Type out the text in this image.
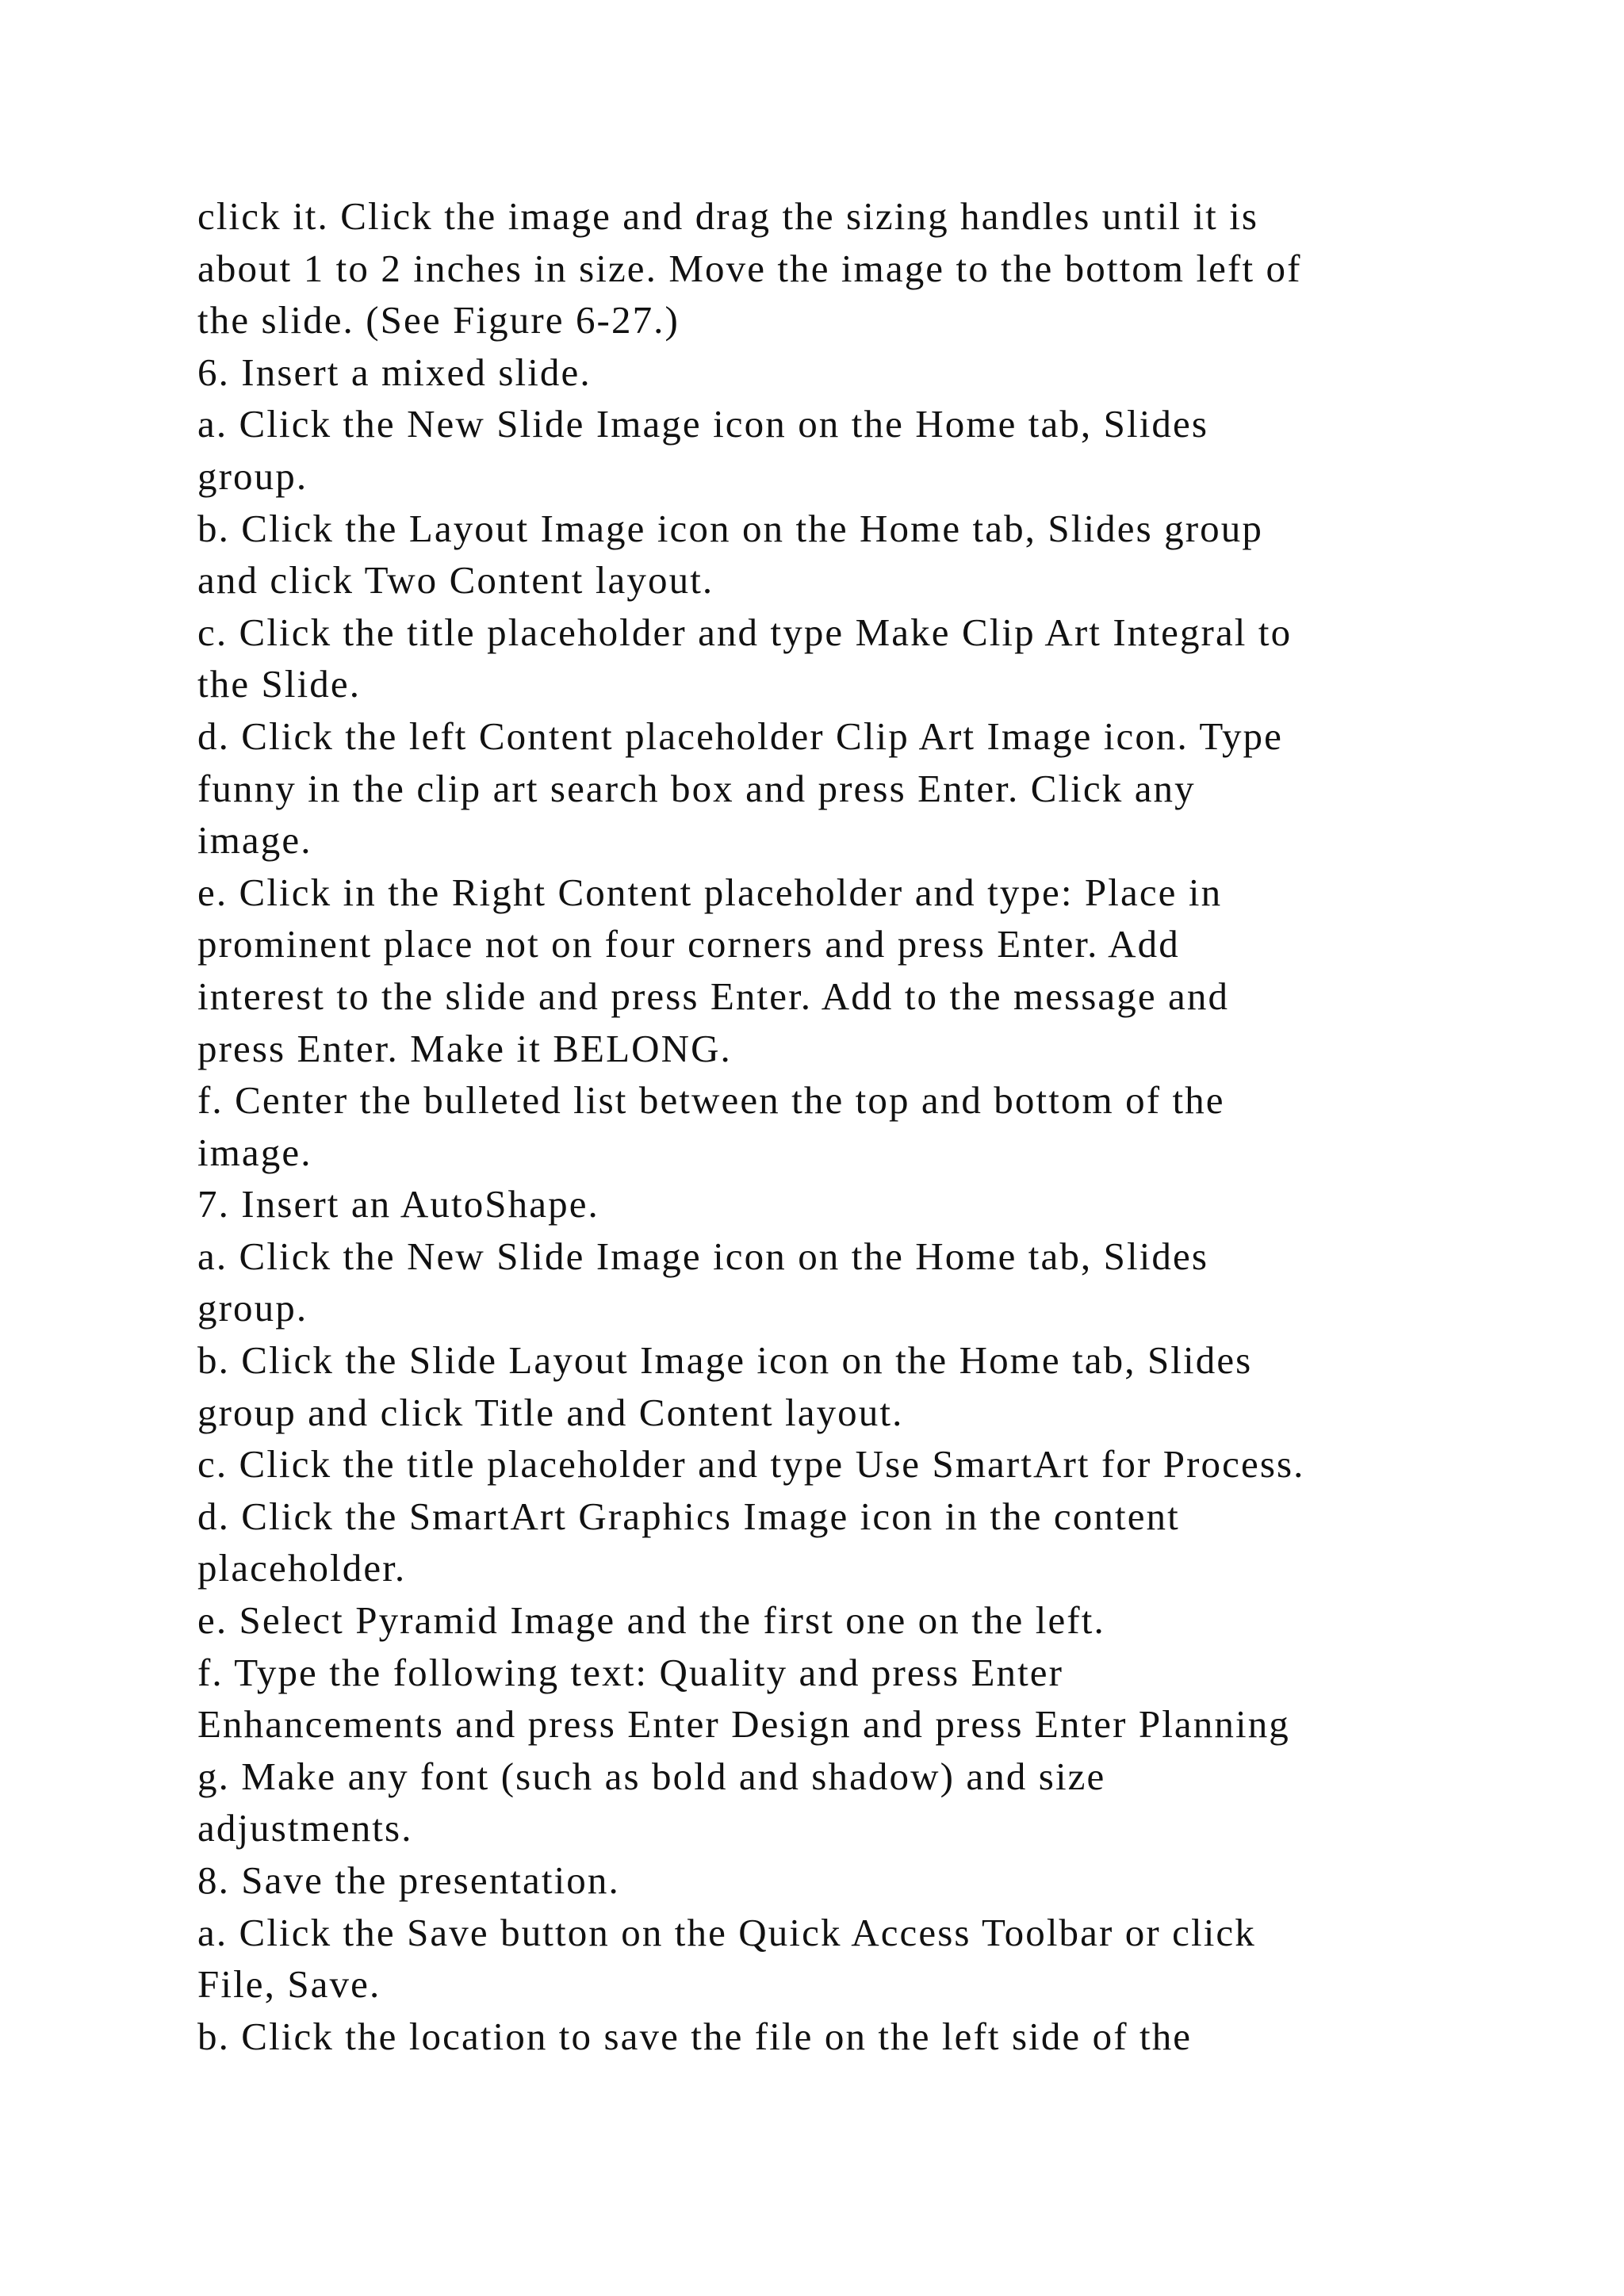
click it. Click the image and drag the sizing handles until it is
about 1 to 2 inches in size. Move the image to the bottom left of
the slide. (See Figure 6-27.)
6. Insert a mixed slide.
a. Click the New Slide Image icon on the Home tab, Slides
group.
b. Click the Layout Image icon on the Home tab, Slides group
and click Two Content layout.
c. Click the title placeholder and type Make Clip Art Integral to
the Slide.
d. Click the left Content placeholder Clip Art Image icon. Type
funny in the clip art search box and press Enter. Click any
image.
e. Click in the Right Content placeholder and type: Place in
prominent place not on four corners and press Enter. Add
interest to the slide and press Enter. Add to the message and
press Enter. Make it BELONG.
f. Center the bulleted list between the top and bottom of the
image.
7. Insert an AutoShape.
a. Click the New Slide Image icon on the Home tab, Slides
group.
b. Click the Slide Layout Image icon on the Home tab, Slides
group and click Title and Content layout.
c. Click the title placeholder and type Use SmartArt for Process.
d. Click the SmartArt Graphics Image icon in the content
placeholder.
e. Select Pyramid Image and the first one on the left.
f. Type the following text: Quality and press Enter
Enhancements and press Enter Design and press Enter Planning
g. Make any font (such as bold and shadow) and size
adjustments.
8. Save the presentation.
a. Click the Save button on the Quick Access Toolbar or click
File, Save.
b. Click the location to save the file on the left side of the
